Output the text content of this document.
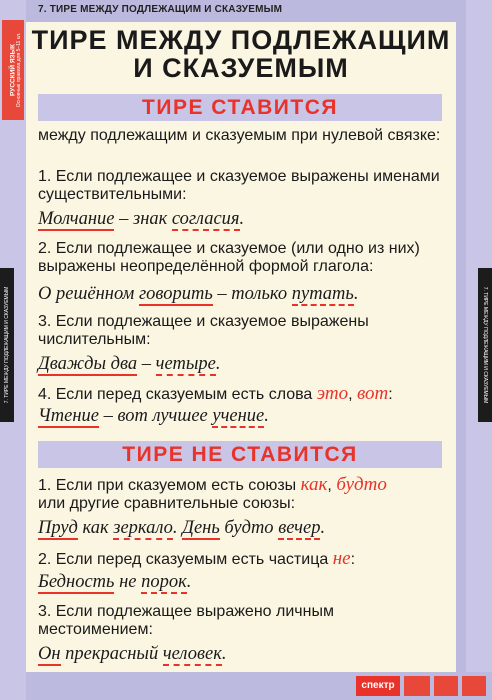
РУССКИЙ ЯЗЫК Основные правила для 5–11 кл.
7. ТИРЕ МЕЖДУ ПОДЛЕЖАЩИМ И СКАЗУЕМЫМ	7. ТИРЕ МЕЖДУ ПОДЛЕЖАЩИМ И СКАЗУЕМЫМ
7. ТИРЕ МЕЖДУ ПОДЛЕЖАЩИМ И СКАЗУЕМЫМ
ТИРЕ МЕЖДУ ПОДЛЕЖАЩИМ
И СКАЗУЕМЫМ
ТИРЕ СТАВИТСЯ
между подлежащим и сказуемым при нулевой связке:
1. Если подлежащее и сказуемое выражены именами существительными:
Молчание – знак согласия.
2. Если подлежащее и сказуемое (или одно из них) выражены неопределённой формой глагола:
О решённом говорить – только путать.
3. Если подлежащее и сказуемое выражены числительным:
Дважды два – четыре.
4. Если перед сказуемым есть слова это, вот:
Чтение – вот лучшее учение.
ТИРЕ НЕ СТАВИТСЯ
1. Если при сказуемом есть союзы как, будто
или другие сравнительные союзы:
Пруд как зеркало. День будто вечер.
2. Если перед сказуемым есть частица не:
Бедность не порок.
3. Если подлежащее выражено личным местоимением:
Он прекрасный человек.
спектр
